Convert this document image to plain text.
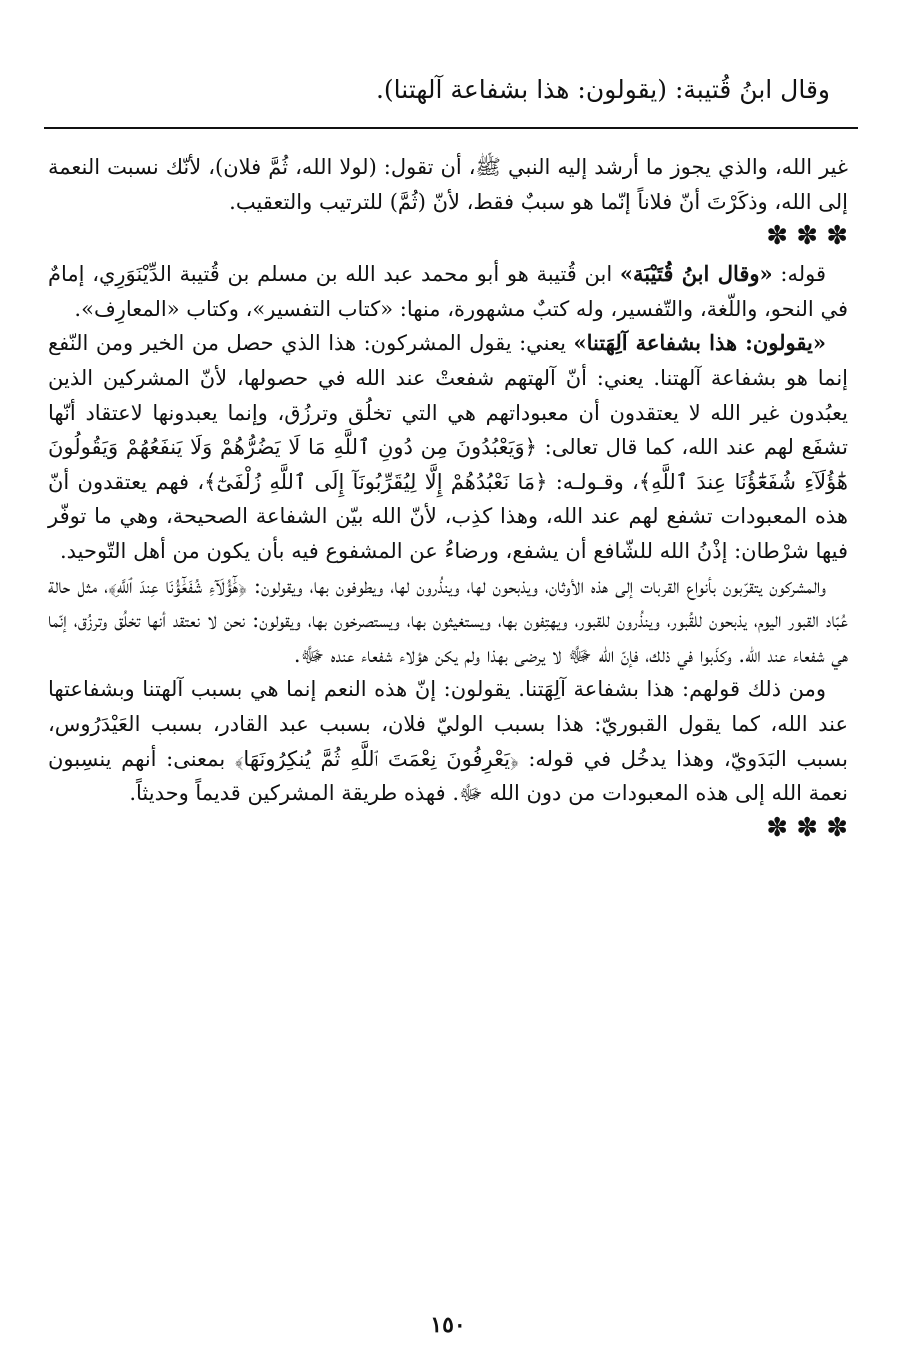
وقال ابنُ قُتيبة: (يقولون: هذا بشفاعة آلهتنا).

غير الله، والذي يجوز ما أرشد إليه النبي ﷺ، أن تقول: (لولا الله، ثُمَّ فلان)، لأنّك نسبت النعمة إلى الله، وذكَرْتَ أنّ فلاناً إنّما هو سببٌ فقط، لأنّ (ثُمَّ) للترتيب والتعقيب.

✽ ✽ ✽

قوله: «وقال ابنُ قُتَيْبَة» ابن قُتيبة هو أبو محمد عبد الله بن مسلم بن قُتيبة الدِّيْنَوَرِي، إمامٌ في النحو، واللّغة، والتّفسير، وله كتبٌ مشهورة، منها: «كتاب التفسير»، وكتاب «المعارِف».

«يقولون: هذا بشفاعة آلِهَتنا» يعني: يقول المشركون: هذا الذي حصل من الخير ومن النّفع إنما هو بشفاعة آلهتنا. يعني: أنّ آلهتهم شفعتْ عند الله في حصولها، لأنّ المشركين الذين يعبُدون غير الله لا يعتقدون أن معبوداتهم هي التي تخلُق وترزُق، وإنما يعبدونها لاعتقاد أنّها تشفَع لهم عند الله، كما قال تعالى: ﴿وَيَعْبُدُونَ مِن دُونِ ٱللَّهِ مَا لَا يَضُرُّهُمْ وَلَا يَنفَعُهُمْ وَيَقُولُونَ هَٰٓؤُلَآءِ شُفَعَٰٓؤُنَا عِندَ ٱللَّهِ﴾، وقـولـه: ﴿مَا نَعْبُدُهُمْ إِلَّا لِيُقَرِّبُونَآ إِلَى ٱللَّهِ زُلْفَىٰٓ﴾، فهم يعتقدون أنّ هذه المعبودات تشفع لهم عند الله، وهذا كذِب، لأنّ الله بيّن الشفاعة الصحيحة، وهي ما توفّر فيها شرْطان: إذْنُ الله للشّافع أن يشفع، ورضاءُ عن المشفوع فيه بأن يكون من أهل التّوحيد.

والمشركون يتقرّبون بأنواع القربات إلى هذه الأوثان، ويذبحون لها، وينذُرون لها، ويطوفون بها، ويقولون: ﴿هَٰٓؤُلَآءِ شُفَعَٰٓؤُنَا عِندَ ٱللَّهِ﴾، مثل حالة عُبّاد القبور اليوم، يذبحون للقُبور، وينذُرون للقبور، ويهتِفون بها، ويستغيثون بها، ويستصرخون بها، ويقولون: نحن لا نعتقد أنها تخلُق وترزُق، إنّما هي شفعاء عند الله. وكذَبوا في ذلك، فإنّ الله ﷻ لا يرضى بهذا ولم يكن هؤلاء شفعاء عنده ﷻ.

ومن ذلك قولهم: هذا بشفاعة آلِهَتنا. يقولون: إنّ هذه النعم إنما هي بسبب آلهتنا وبشفاعتها عند الله، كما يقول القبوريّ: هذا بسبب الوليّ فلان، بسبب عبد القادر، بسبب العَيْدَرُوس، بسبب البَدَويّ، وهذا يدخُل في قوله: ﴿يَعْرِفُونَ نِعْمَتَ ٱللَّهِ ثُمَّ يُنكِرُونَهَا﴾ بمعنى: أنهم ينسِبون نعمة الله إلى هذه المعبودات من دون الله ﷻ. فهذه طريقة المشركين قديماً وحديثاً.

✽ ✽ ✽
١٥٠
